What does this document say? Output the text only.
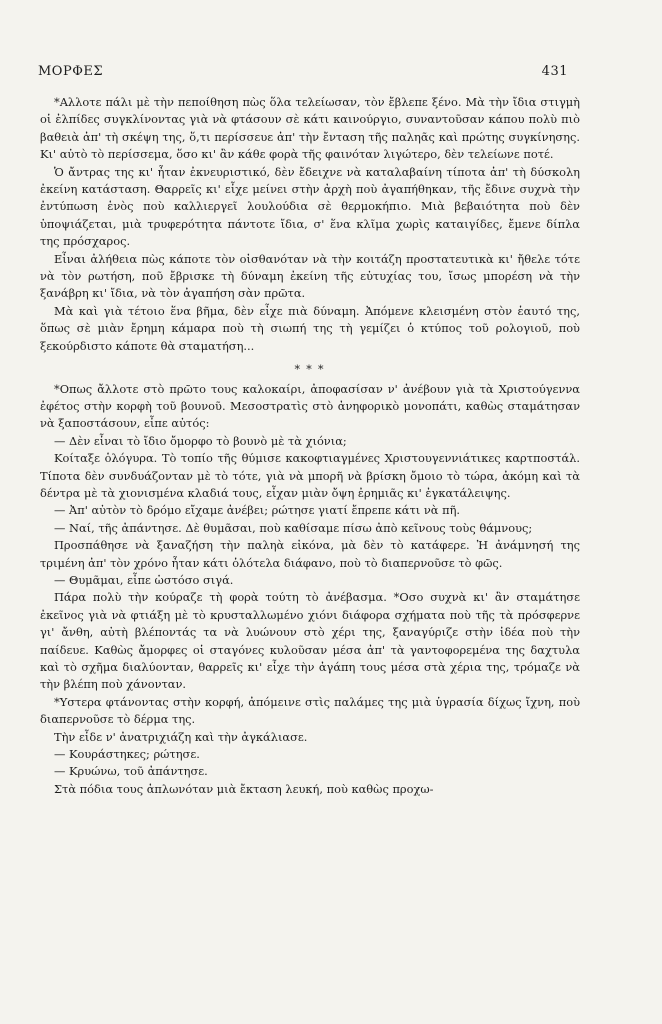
ΜΟΡΦΕΣ	431

*Αλλοτε πάλι μὲ τὴν πεποίθηση πὼς ὅλα τελείωσαν, τὸν ἔβλεπε ξένο. Μὰ τὴν ἴδια στιγμὴ οἱ ἐλπίδες συγκλίνοντας γιὰ νὰ φτάσουν σὲ κάτι καινούργιο, συναντοῦσαν κάπου πολὺ πιὸ βαθειὰ ἀπ' τὴ σκέψη της, ὅ,τι περίσσευε ἀπ' τὴν ἔνταση τῆς παληᾶς καὶ πρώτης συγκίνησης. Κι' αὐτὸ τὸ περίσσεμα, ὅσο κι' ἂν κάθε φορὰ τῆς φαινόταν λιγώτερο, δὲν τελείωνε ποτέ.

Ὁ ἄντρας της κι' ἦταν ἐκνευριστικό, δὲν ἔδειχνε νὰ καταλαβαίνη τίποτα ἀπ' τὴ δύσκολη ἐκείνη κατάσταση. Θαρρεῖς κι' εἶχε μείνει στὴν ἀρχὴ ποὺ ἀγαπήθηκαν, τῆς ἔδινε συχνὰ τὴν ἐντύπωση ἑνὸς ποὺ καλλιεργεῖ λουλούδια σὲ θερμοκήπιο. Μιὰ βεβαιότητα ποὺ δὲν ὑποψιάζεται, μιὰ τρυφερότητα πάντοτε ἴδια, σ' ἕνα κλῖμα χωρὶς καταιγίδες, ἔμενε δίπλα της πρόσχαρος.

Εἶναι ἀλήθεια πὼς κάποτε τὸν οἰσθανόταν νὰ τὴν κοιτάζη προστατευτικὰ κι' ἤθελε τότε νὰ τὸν ρωτήση, ποῦ ἔβρισκε τὴ δύναμη ἐκείνη τῆς εὐτυχίας του, ἴσως μπορέση νὰ τὴν ξανάβρη κι' ἴδια, νὰ τὸν ἀγαπήση σὰν πρῶτα.

Μὰ καὶ γιὰ τέτοιο ἕνα βῆμα, δὲν εἶχε πιὰ δύναμη. Ἀπόμενε κλεισμένη στὸν ἑαυτό της, ὅπως σὲ μιὰν ἔρημη κάμαρα ποὺ τὴ σιωπή της τὴ γεμίζει ὁ κτύπος τοῦ ρολογιοῦ, ποὺ ξεκούρδιστο κάποτε θὰ σταματήση...

* * *

*Οπως ἄλλοτε στὸ πρῶτο τους καλοκαίρι, ἀποφασίσαν ν' ἀνέβουν γιὰ τὰ Χριστούγεννα ἐφέτος στὴν κορφὴ τοῦ βουνοῦ. Μεσοστρατὶς στὸ ἀνηφορικὸ μονοπάτι, καθὼς σταμάτησαν νὰ ξαποστάσουν, εἶπε αὐτός:

— Δὲν εἶναι τὸ ἴδιο ὄμορφο τὸ βουνὸ μὲ τὰ χιόνια;

Κοίταξε ὁλόγυρα. Τὸ τοπίο τῆς θύμισε κακοφτιαγμένες Χριστουγεννιάτικες καρτποστάλ. Τίποτα δὲν συνδυάζονταν μὲ τὸ τότε, γιὰ νὰ μπορῆ νὰ βρίσκη ὄμοιο τὸ τώρα, ἀκόμη καὶ τὰ δέντρα μὲ τὰ χιονισμένα κλαδιά τους, εἶχαν μιὰν ὄψη ἐρημιᾶς κι' ἐγκατάλειψης.

— Ἀπ' αὐτὸν τὸ δρόμο εἴχαμε ἀνέβει; ρώτησε γιατί ἔπρεπε κάτι νὰ πῆ.

— Ναί, τῆς ἀπάντησε. Δὲ θυμᾶσαι, ποὺ καθίσαμε πίσω ἀπὸ κεῖνους τοὺς θάμνους;

Προσπάθησε νὰ ξαναζήση τὴν παληὰ εἰκόνα, μὰ δὲν τὸ κατάφερε. Ἡ ἀνάμνησή της τριμένη ἀπ' τὸν χρόνο ἦταν κάτι ὁλότελα διάφανο, ποὺ τὸ διαπερνοῦσε τὸ φῶς.

— Θυμᾶμαι, εἶπε ὡστόσο σιγά.

Πάρα πολὺ τὴν κούραζε τὴ φορὰ τούτη τὸ ἀνέβασμα. *Οσο συχνὰ κι' ἂν σταμάτησε ἐκεῖνος γιὰ νὰ φτιάξη μὲ τὸ κρυσταλλωμένο χιόνι διάφορα σχήματα ποὺ τῆς τὰ πρόσφερνε γι' ἄνθη, αὐτὴ βλέποντάς τα νὰ λυώνουν στὸ χέρι της, ξαναγύριζε στὴν ἰδέα ποὺ τὴν παίδευε. Καθὼς ἄμορφες οἱ σταγόνες κυλοῦσαν μέσα ἀπ' τὰ γαντοφορεμένα της δαχτυλα καὶ τὸ σχῆμα διαλύονταν, θαρρεῖς κι' εἶχε τὴν ἀγάπη τους μέσα στὰ χέρια της, τρόμαζε νὰ τὴν βλέπη ποὺ χάνονταν.

*Υστερα φτάνοντας στὴν κορφή, ἀπόμεινε στὶς παλάμες της μιὰ ὑγρασία δίχως ἴχνη, ποὺ διαπερνοῦσε τὸ δέρμα της.

Τὴν εἶδε ν' ἀνατριχιάζη καὶ τὴν ἀγκάλιασε.

— Κουράστηκες; ρώτησε.

— Κρυώνω, τοῦ ἀπάντησε.

Στὰ πόδια τους ἁπλωνόταν μιὰ ἔκταση λευκή, ποὺ καθὼς προχω-
